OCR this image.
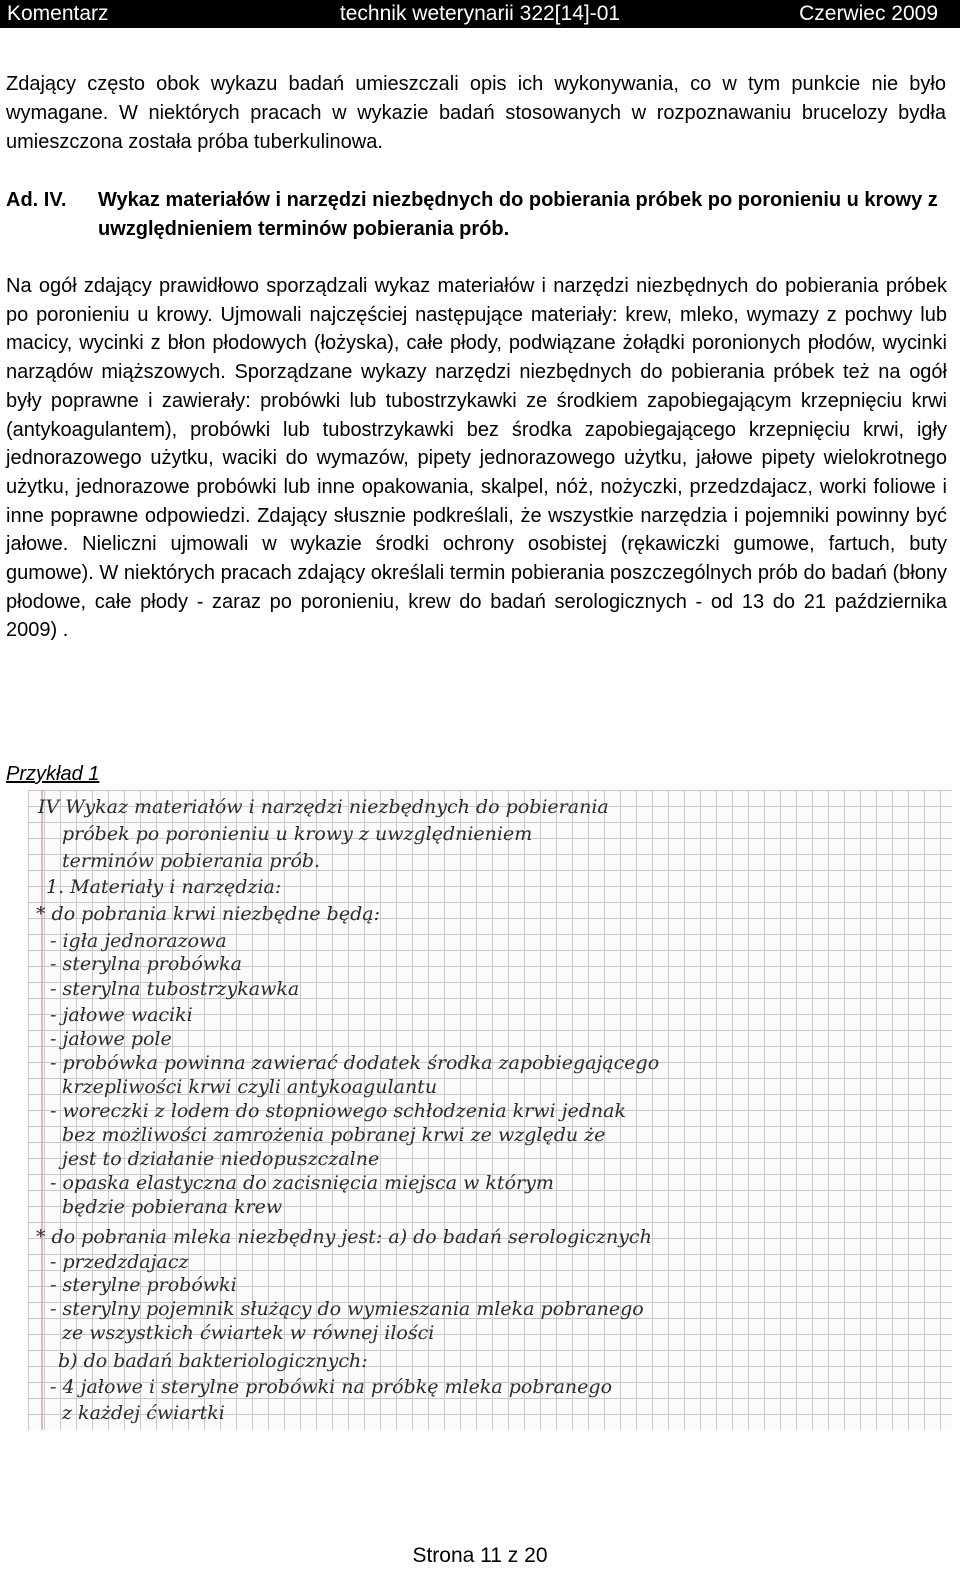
technik weterynarii 322[14]-01
Komentarz	Czerwiec 2009

Zdający często obok wykazu badań umieszczali opis ich wykonywania, co w tym punkcie nie było wymagane. W niektórych pracach w wykazie badań stosowanych w rozpoznawaniu brucelozy bydła umieszczona została próba tuberkulinowa.

Ad. IV. Wykaz materiałów i narzędzi niezbędnych do pobierania próbek po poronieniu u krowy z uwzględnieniem terminów pobierania prób.

Na ogół zdający prawidłowo sporządzali wykaz materiałów i narzędzi niezbędnych do pobierania próbek po poronieniu u krowy. Ujmowali najczęściej następujące materiały: krew, mleko, wymazy z pochwy lub macicy, wycinki z błon płodowych (łożyska), całe płody, podwiązane żołądki poronionych płodów, wycinki narządów miąższowych. Sporządzane wykazy narzędzi niezbędnych do pobierania próbek też na ogół były poprawne i zawierały: probówki lub tubostrzykawki ze środkiem zapobiegającym krzepnięciu krwi (antykoagulantem), probówki lub tubostrzykawki bez środka zapobiegającego krzepnięciu krwi, igły jednorazowego użytku, waciki do wymazów, pipety jednorazowego użytku, jałowe pipety wielokrotnego użytku, jednorazowe probówki lub inne opakowania, skalpel, nóż, nożyczki, przedzdajacz, worki foliowe i inne poprawne odpowiedzi. Zdający słusznie podkreślali, że wszystkie narzędzia i pojemniki powinny być jałowe. Nieliczni ujmowali w wykazie środki ochrony osobistej (rękawiczki gumowe, fartuch, buty gumowe). W niektórych pracach zdający określali termin pobierania poszczególnych prób do badań (błony płodowe, całe płody - zaraz po poronieniu, krew do badań serologicznych - od 13 do 21 października 2009) .

Przykład 1
IV Wykaz materiałów i narzędzi niezbędnych do pobierania
próbek po poronieniu u krowy z uwzględnieniem
terminów pobierania prób.
1. Materiały i narzędzia:
* do pobrania krwi niezbędne będą:
- igła jednorazowa
- sterylna probówka
- sterylna tubostrzykawka
- jałowe waciki
- jałowe pole
- probówka powinna zawierać dodatek środka zapobiegającego
krzepliwości krwi czyli antykoagulantu
- woreczki z lodem do stopniowego schłodzenia krwi jednak
bez możliwości zamrożenia pobranej krwi ze względu że
jest to działanie niedopuszczalne
- opaska elastyczna do zacisnięcia miejsca w którym
będzie pobierana krew
* do pobrania mleka niezbędny jest: a) do badań serologicznych
- przedzdajacz
- sterylne probówki
- sterylny pojemnik służący do wymieszania mleka pobranego
ze wszystkich ćwiartek w równej ilości
b) do badań bakteriologicznych:
- 4 jałowe i sterylne probówki na próbkę mleka pobranego
z każdej ćwiartki
Strona 11 z 20
